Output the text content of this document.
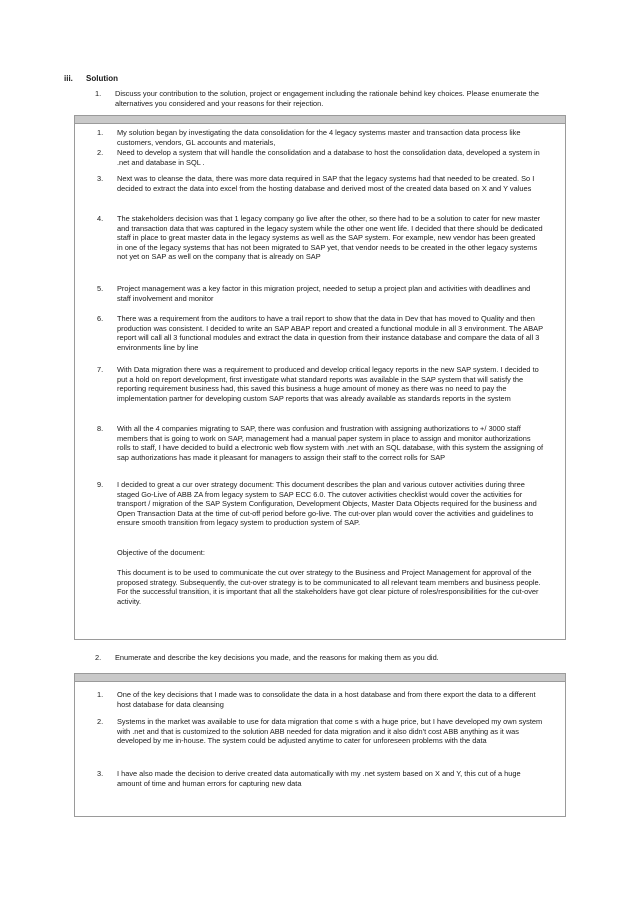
iii. Solution
1. Discuss your contribution to the solution, project or engagement including the rationale behind key choices. Please enumerate the alternatives you considered and your reasons for their rejection.
1. My solution began by investigating the data consolidation for the 4 legacy systems master and transaction data process like customers, vendors, GL accounts and materials,
2. Need to develop a system that will handle the consolidation and a database to host the consolidation data, developed a system in .net and database in SQL .
3. Next was to cleanse the data, there was more data required in SAP that the legacy systems had that needed to be created. So I decided to extract the data into excel from the hosting database and derived most of the created data based on X and Y values
4. The stakeholders decision was that 1 legacy company go live after the other, so there had to be a solution to cater for new master and transaction data that was captured in the legacy system while the other one went life. I decided that there should be dedicated staff in place to great master data in the legacy systems as well as the SAP system. For example, new vendor has been greated in one of the legacy systems that has not been migrated to SAP yet, that vendor needs to be created in the other legacy systems not yet on SAP as well on the company that is already on SAP
5. Project management was a key factor in this migration project, needed to setup a project plan and activities with deadlines and staff involvement and monitor
6. There was a requirement from the auditors to have a trail report to show that the data in Dev that has moved to Quality and then production was consistent. I decided to write an SAP ABAP report and created a functional module in all 3 environment. The ABAP report will call all 3 functional modules and extract the data in question from their instance database and compare the data of all 3 environments line by line
7. With Data migration there was a requirement to produced and develop critical legacy reports in the new SAP system. I decided to put a hold on report development, first investigate what standard reports was available in the SAP system that will satisfy the reporting requirement business had, this saved this business a huge amount of money as there was no need to pay the implementation partner for developing custom SAP reports that was already available as standards reports in the system
8. With all the 4 companies migrating to SAP, there was confusion and frustration with assigning authorizations to +/ 3000 staff members that is going to work on SAP, management had a manual paper system in place to assign and monitor authorizations rolls to staff, I have decided to build a electronic web flow system with .net with an SQL database, with this system the assigning of sap authorizations has made it pleasant for managers to assign their staff to the correct rolls for SAP
9. I decided to great a cur over strategy document: This document describes the plan and various cutover activities during three staged Go-Live of ABB ZA from legacy system to SAP ECC 6.0. The cutover activities checklist would cover the activities for transport / migration of the SAP System Configuration, Development Objects, Master Data Objects required for the business and Open Transaction Data at the time of cut-off period before go-live. The cut-over plan would cover the activities and guidelines to ensure smooth transition from legacy system to production system of SAP.
Objective of the document:
This document is to be used to communicate the cut over strategy to the Business and Project Management for approval of the proposed strategy. Subsequently, the cut-over strategy is to be communicated to all relevant team members and business people. For the successful transition, it is important that all the stakeholders have got clear picture of roles/responsibilities for the cut-over activity.
2. Enumerate and describe the key decisions you made, and the reasons for making them as you did.
1. One of the key decisions that I made was to consolidate the data in a host database and from there export the data to a different host database for data cleansing
2. Systems in the market was available to use for data migration that come s with a huge price, but I have developed my own system with .net and that is customized to the solution ABB needed for data migration and it also didn't cost ABB anything as it was developed by me in-house. The system could be adjusted anytime to cater for unforeseen problems with the data
3. I have also made the decision to derive created data automatically with my .net system based on X and Y, this cut of a huge amount of time and human errors for capturing new data
